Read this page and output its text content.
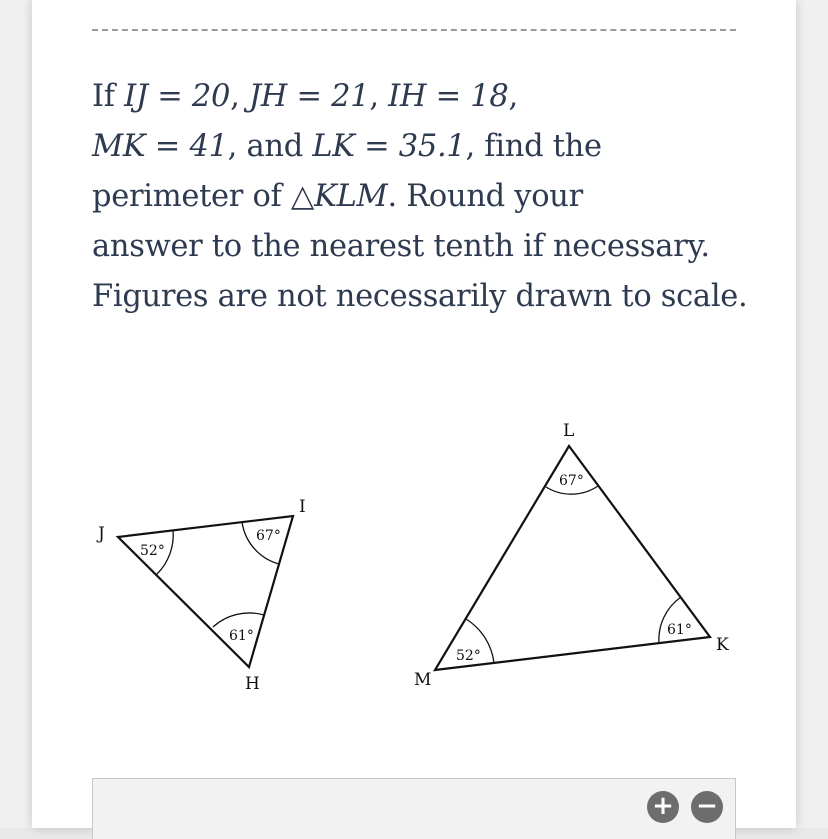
If IJ = 20, JH = 21, IH = 18,
MK = 41, and LK = 35.1, find the
perimeter of △KLM. Round your
answer to the nearest tenth if necessary.
Figures are not necessarily drawn to scale.
J
I
H
52°
67°
61°
L
K
M
67°
61°
52°
+ −
